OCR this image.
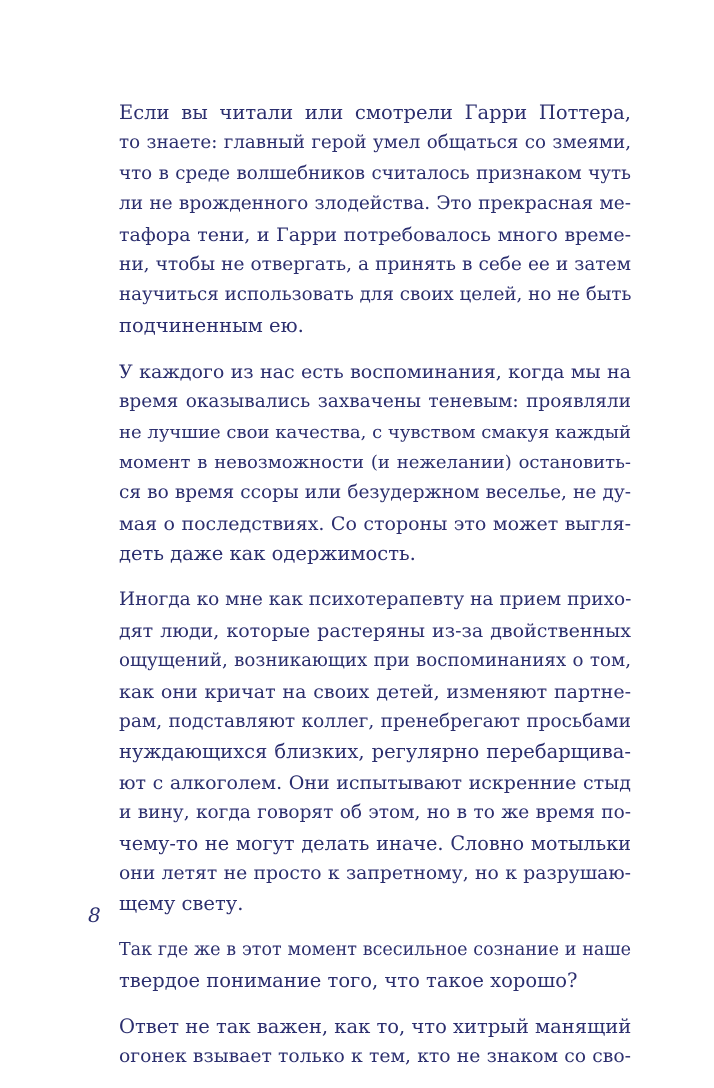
Если вы читали или смотрели Гарри Поттера,
то знаете: главный герой умел общаться со змеями,
что в среде волшебников считалось признаком чуть
ли не врожденного злодейства. Это прекрасная ме-
тафора тени, и Гарри потребовалось много време-
ни, чтобы не отвергать, а принять в себе ее и затем
научиться использовать для своих целей, но не быть
подчиненным ею.
У каждого из нас есть воспоминания, когда мы на
время оказывались захвачены теневым: проявляли
не лучшие свои качества, с чувством смакуя каждый
момент в невозможности (и нежелании) остановить-
ся во время ссоры или безудержном веселье, не ду-
мая о последствиях. Со стороны это может выгля-
деть даже как одержимость.
Иногда ко мне как психотерапевту на прием прихо-
дят люди, которые растеряны из-за двойственных
ощущений, возникающих при воспоминаниях о том,
как они кричат на своих детей, изменяют партне-
рам, подставляют коллег, пренебрегают просьбами
нуждающихся близких, регулярно перебарщива-
ют с алкоголем. Они испытывают искренние стыд
и вину, когда говорят об этом, но в то же время по-
чему-то не могут делать иначе. Словно мотыльки
они летят не просто к запретному, но к разрушаю-
щему свету.
Так где же в этот момент всесильное сознание и наше
твердое понимание того, что такое хорошо?
Ответ не так важен, как то, что хитрый манящий
огонек взывает только к тем, кто не знаком со сво-
8
